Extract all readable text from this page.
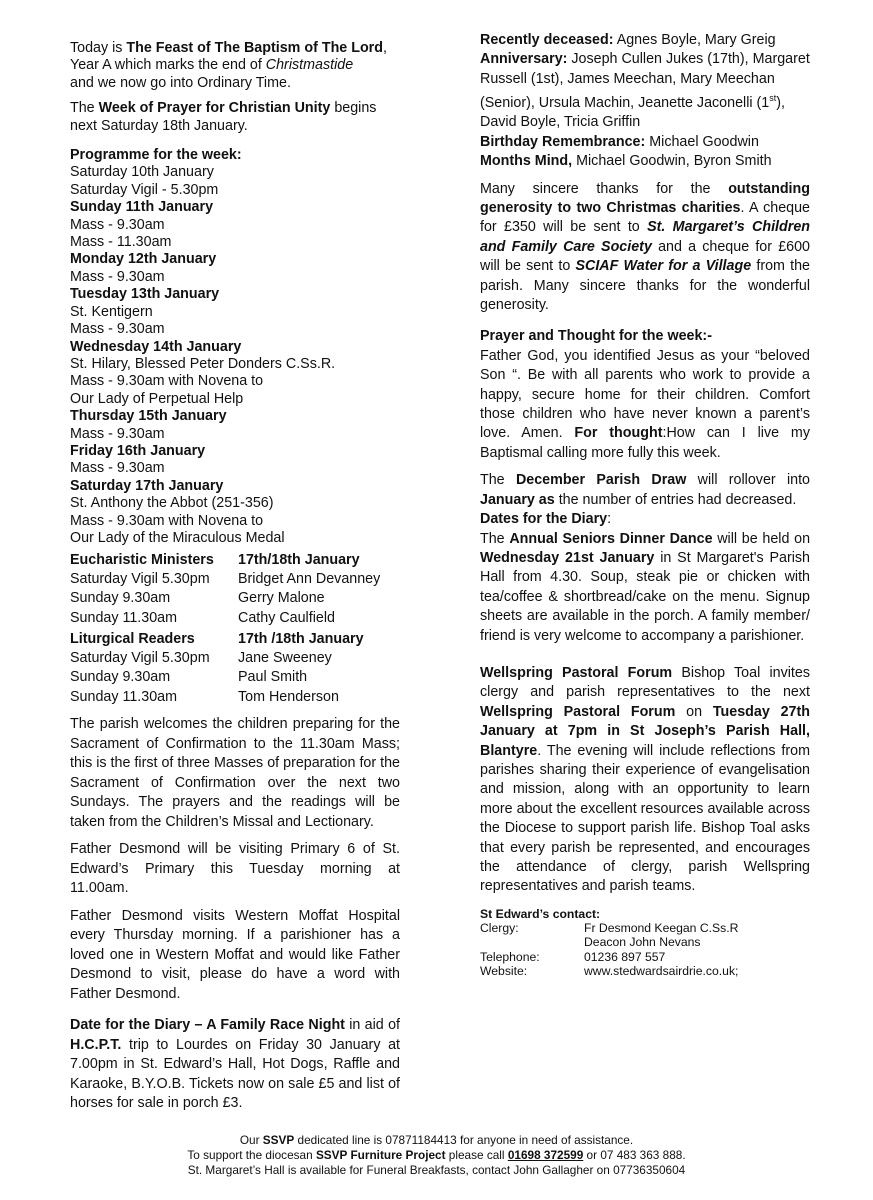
Today is The Feast of The Baptism of The Lord,

Year A which marks the end of Christmastide

and we now go into Ordinary Time.

The Week of Prayer for Christian Unity begins next Saturday 18th January.

Programme for the week:

Saturday 10th January

Saturday Vigil - 5.30pm

Sunday 11th January

Mass - 9.30am

Mass - 11.30am

Monday 12th January

Mass - 9.30am

Tuesday 13th January

St. Kentigern

Mass - 9.30am

Wednesday 14th January

St. Hilary, Blessed Peter Donders C.Ss.R.

Mass - 9.30am with Novena to

Our Lady of Perpetual Help

Thursday 15th January

Mass - 9.30am

Friday 16th January

Mass - 9.30am

Saturday 17th January

St. Anthony the Abbot (251-356)

Mass - 9.30am with Novena to

Our Lady of the Miraculous Medal

Eucharistic Ministers	17th/18th January
Saturday Vigil 5.30pm	Bridget Ann Devanney
Sunday 9.30am	Gerry Malone
Sunday 11.30am	Cathy Caulfield
Liturgical Readers	17th /18th January
Saturday Vigil 5.30pm	Jane Sweeney
Sunday 9.30am	Paul Smith
Sunday 11.30am	Tom Henderson

The parish welcomes the children preparing for the Sacrament of Confirmation to the 11.30am Mass; this is the first of three Masses of preparation for the Sacrament of Confirmation over the next two Sundays. The prayers and the readings will be taken from the Children’s Missal and Lectionary.

Father Desmond will be visiting Primary 6 of St. Edward’s Primary this Tuesday morning at 11.00am.

Father Desmond visits Western Moffat Hospital every Thursday morning. If a parishioner has a loved one in Western Moffat and would like Father Desmond to visit, please do have a word with Father Desmond.

Date for the Diary – A Family Race Night in aid of H.C.P.T. trip to Lourdes on Friday 30 January at 7.00pm in St. Edward’s Hall, Hot Dogs, Raffle and Karaoke, B.Y.O.B. Tickets now on sale £5 and list of horses for sale in porch £3.

Recently deceased: Agnes Boyle, Mary Greig

Anniversary: Joseph Cullen Jukes (17th), Margaret Russell (1st), James Meechan, Mary Meechan (Senior), Ursula Machin, Jeanette Jaconelli (1st), David Boyle, Tricia Griffin

Birthday Remembrance: Michael Goodwin

Months Mind, Michael Goodwin, Byron Smith

Many sincere thanks for the outstanding generosity to two Christmas charities. A cheque for £350 will be sent to St. Margaret’s Children and Family Care Society and a cheque for £600 will be sent to SCIAF Water for a Village from the parish. Many sincere thanks for the wonderful generosity.

Prayer and Thought for the week:-

Father God, you identified Jesus as your “beloved Son “. Be with all parents who work to provide a happy, secure home for their children. Comfort those children who have never known a parent’s love. Amen. For thought:How can I live my Baptismal calling more fully this week.

The December Parish Draw will rollover into January as the number of entries had decreased.

Dates for the Diary:

The Annual Seniors Dinner Dance will be held on Wednesday 21st January in St Margaret's Parish Hall from 4.30. Soup, steak pie or chicken with tea/coffee & shortbread/cake on the menu. Signup sheets are available in the porch. A family member/ friend is very welcome to accompany a parishioner.

Wellspring Pastoral Forum Bishop Toal invites clergy and parish representatives to the next Wellspring Pastoral Forum on Tuesday 27th January at 7pm in St Joseph’s Parish Hall, Blantyre. The evening will include reflections from parishes sharing their experience of evangelisation and mission, along with an opportunity to learn more about the excellent resources available across the Diocese to support parish life. Bishop Toal asks that every parish be represented, and encourages the attendance of clergy, parish Wellspring representatives and parish teams.

St Edward’s contact:

Clergy:	Fr Desmond Keegan C.Ss.R
Deacon John Nevans
Telephone:	01236 897 557
Website:	www.stedwardsairdrie.co.uk;
Our SSVP dedicated line is 07871184413 for anyone in need of assistance.
To support the diocesan SSVP Furniture Project please call 01698 372599 or 07 483 363 888.
St. Margaret’s Hall is available for Funeral Breakfasts, contact John Gallagher on 07736350604
